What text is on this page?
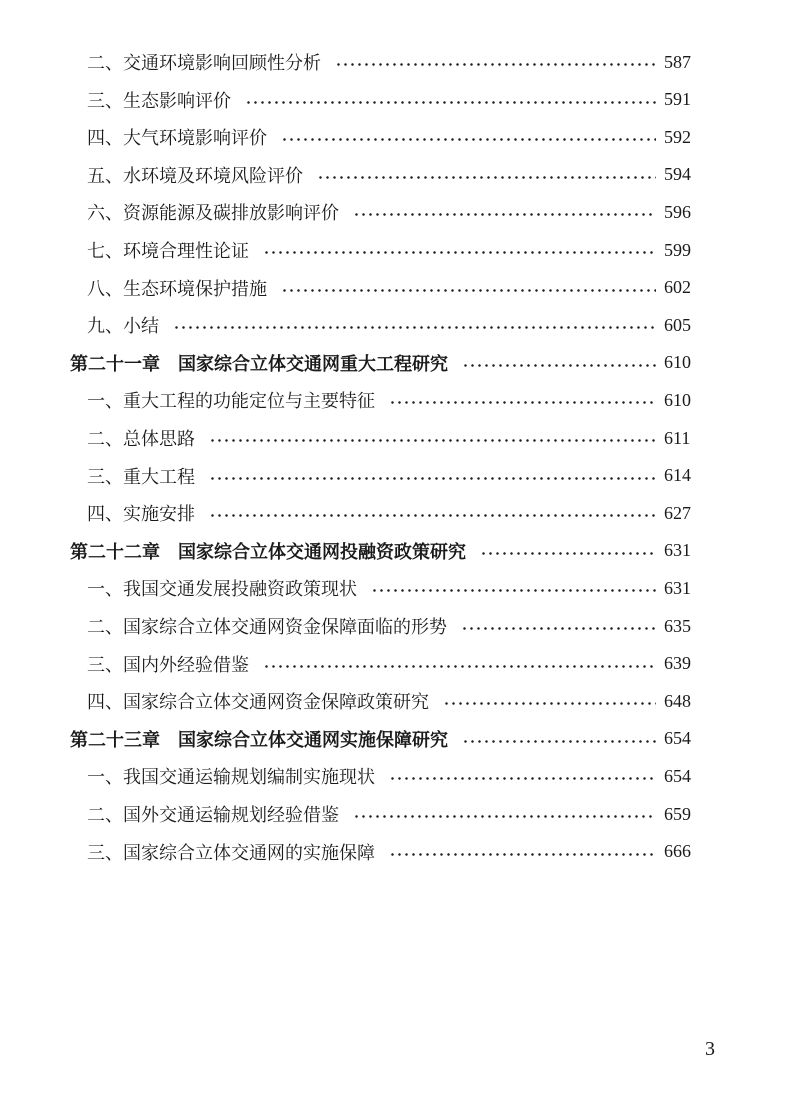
二、交通环境影响回顾性分析	587
三、生态影响评价	591
四、大气环境影响评价	592
五、水环境及环境风险评价	594
六、资源能源及碳排放影响评价	596
七、环境合理性论证	599
八、生态环境保护措施	602
九、小结	605
第二十一章　国家综合立体交通网重大工程研究	610
一、重大工程的功能定位与主要特征	610
二、总体思路	611
三、重大工程	614
四、实施安排	627
第二十二章　国家综合立体交通网投融资政策研究	631
一、我国交通发展投融资政策现状	631
二、国家综合立体交通网资金保障面临的形势	635
三、国内外经验借鉴	639
四、国家综合立体交通网资金保障政策研究	648
第二十三章　国家综合立体交通网实施保障研究	654
一、我国交通运输规划编制实施现状	654
二、国外交通运输规划经验借鉴	659
三、国家综合立体交通网的实施保障	666
3
